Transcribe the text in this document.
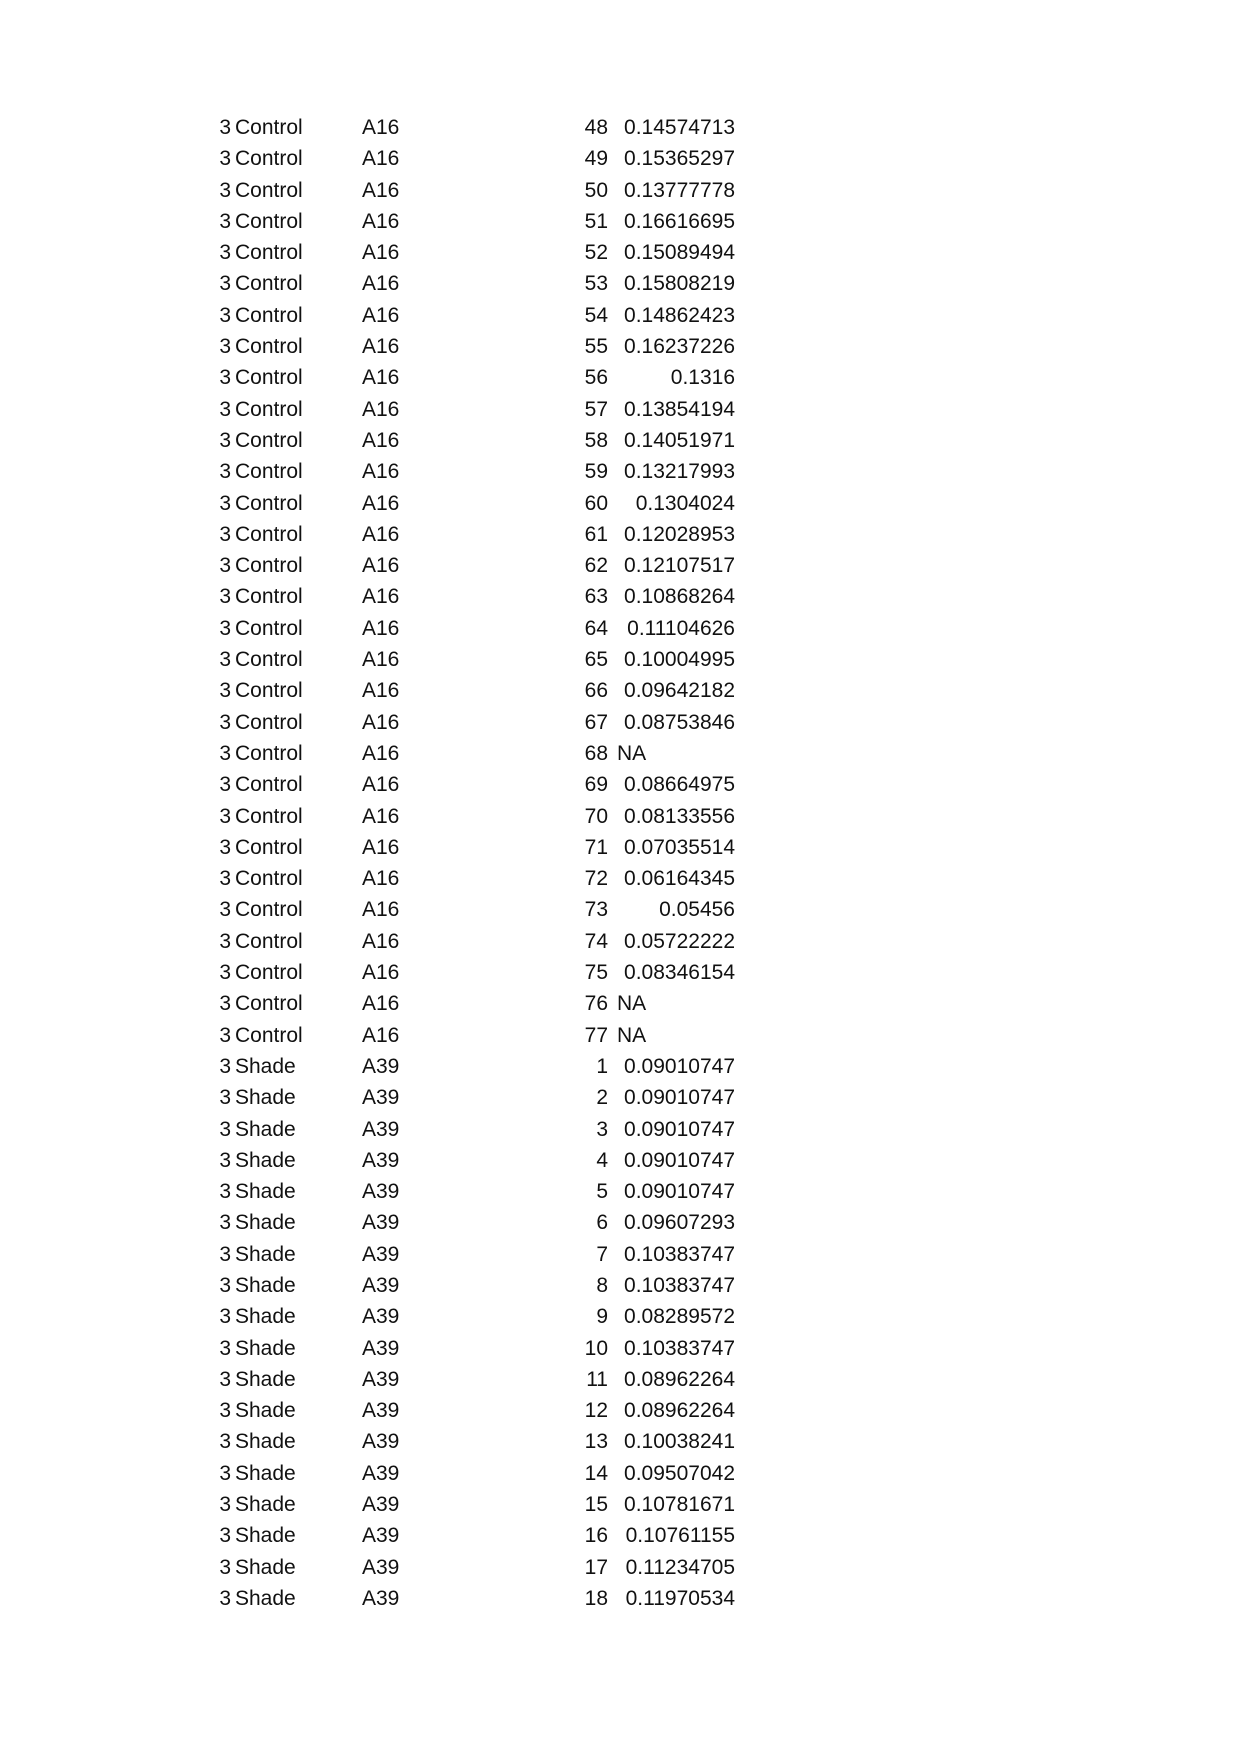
3 Control	A16	48 0.14574713
3 Control	A16	49 0.15365297
3 Control	A16	50 0.13777778
3 Control	A16	51 0.16616695
3 Control	A16	52 0.15089494
3 Control	A16	53 0.15808219
3 Control	A16	54 0.14862423
3 Control	A16	55 0.16237226
3 Control	A16	56	0.1316
3 Control	A16	57 0.13854194
3 Control	A16	58 0.14051971
3 Control	A16	59 0.13217993
3 Control	A16	60 0.1304024
3 Control	A16	61 0.12028953
3 Control	A16	62 0.12107517
3 Control	A16	63 0.10868264
3 Control	A16	64 0.11104626
3 Control	A16	65 0.10004995
3 Control	A16	66 0.09642182
3 Control	A16	67 0.08753846
3 Control	A16	68 NA
3 Control	A16	69 0.08664975
3 Control	A16	70 0.08133556
3 Control	A16	71 0.07035514
3 Control	A16	72 0.06164345
3 Control	A16	73 0.05456
3 Control	A16	74 0.05722222
3 Control	A16	75 0.08346154
3 Control	A16	76 NA
3 Control	A16	77 NA
3 Shade	A39	1 0.09010747
3 Shade	A39	2 0.09010747
3 Shade	A39	3 0.09010747
3 Shade	A39	4 0.09010747
3 Shade	A39	5 0.09010747
3 Shade	A39	6 0.09607293
3 Shade	A39	7 0.10383747
3 Shade	A39	8 0.10383747
3 Shade	A39	9 0.08289572
3 Shade	A39	10 0.10383747
3 Shade	A39	11 0.08962264
3 Shade	A39	12 0.08962264
3 Shade	A39	13 0.10038241
3 Shade	A39	14 0.09507042
3 Shade	A39	15 0.10781671
3 Shade	A39	16 0.10761155
3 Shade	A39	17 0.11234705
3 Shade	A39	18 0.11970534
